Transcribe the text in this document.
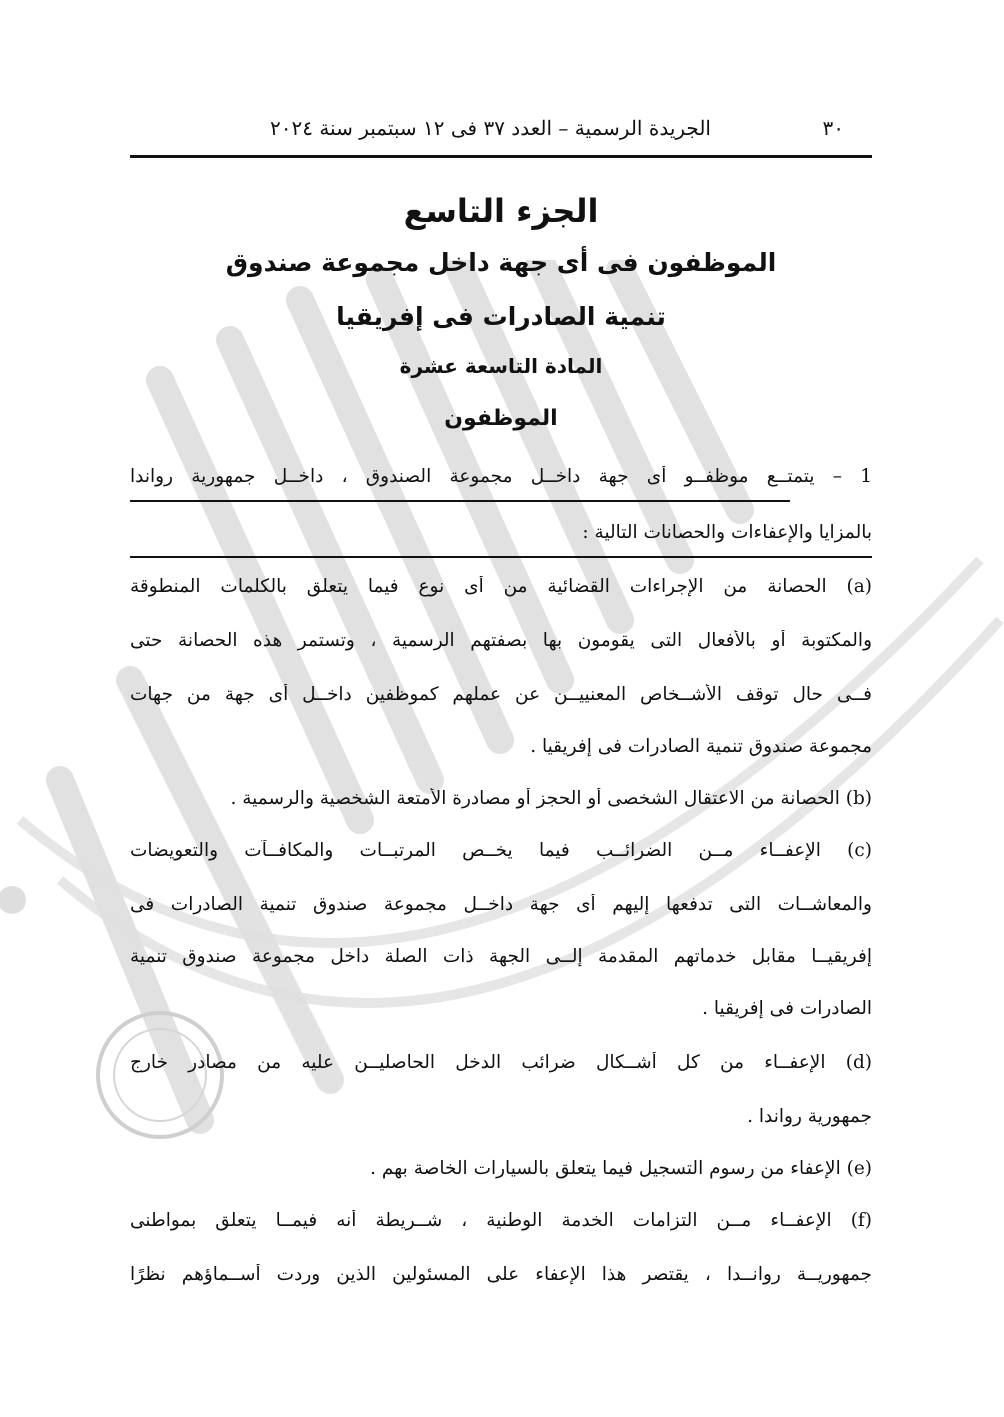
٣٠
الجريدة الرسمية – العدد ٣٧ فى ١٢ سبتمبر سنة ٢٠٢٤
الجزء التاسع
الموظفون فى أى جهة داخل مجموعة صندوق
تنمية الصادرات فى إفريقيا
المادة التاسعة عشرة
الموظفون
1 – يتمتــع موظفــو أى جهة داخــل مجموعة الصندوق ، داخــل جمهورية رواندا
بالمزايا والإعفاءات والحصانات التالية :
(a) الحصانة من الإجراءات القضائية من أى نوع فيما يتعلق بالكلمات المنطوقة
والمكتوبة أو بالأفعال التى يقومون بها بصفتهم الرسمية ، وتستمر هذه الحصانة حتى
فــى حال توقف الأشــخاص المعنييــن عن عملهم كموظفين داخــل أى جهة من جهات
مجموعة صندوق تنمية الصادرات فى إفريقيا .
(b) الحصانة من الاعتقال الشخصى أو الحجز أو مصادرة الأمتعة الشخصية والرسمية .
(c) الإعفــاء مــن الضرائــب فيما يخــص المرتبــات والمكافــآت والتعويضات
والمعاشــات التى تدفعها إليهم أى جهة داخــل مجموعة صندوق تنمية الصادرات فى
إفريقيــا مقابل خدماتهم المقدمة إلــى الجهة ذات الصلة داخل مجموعة صندوق تنمية
الصادرات فى إفريقيا .
(d) الإعفــاء من كل أشــكال ضرائب الدخل الحاصليــن عليه من مصادر خارج
جمهورية رواندا .
(e) الإعفاء من رسوم التسجيل فيما يتعلق بالسيارات الخاصة بهم .
(f) الإعفــاء مــن التزامات الخدمة الوطنية ، شــريطة أنه فيمــا يتعلق بمواطنى
جمهوريــة روانــدا ، يقتصر هذا الإعفاء على المسئولين الذين وردت أســماؤهم نظرًا
